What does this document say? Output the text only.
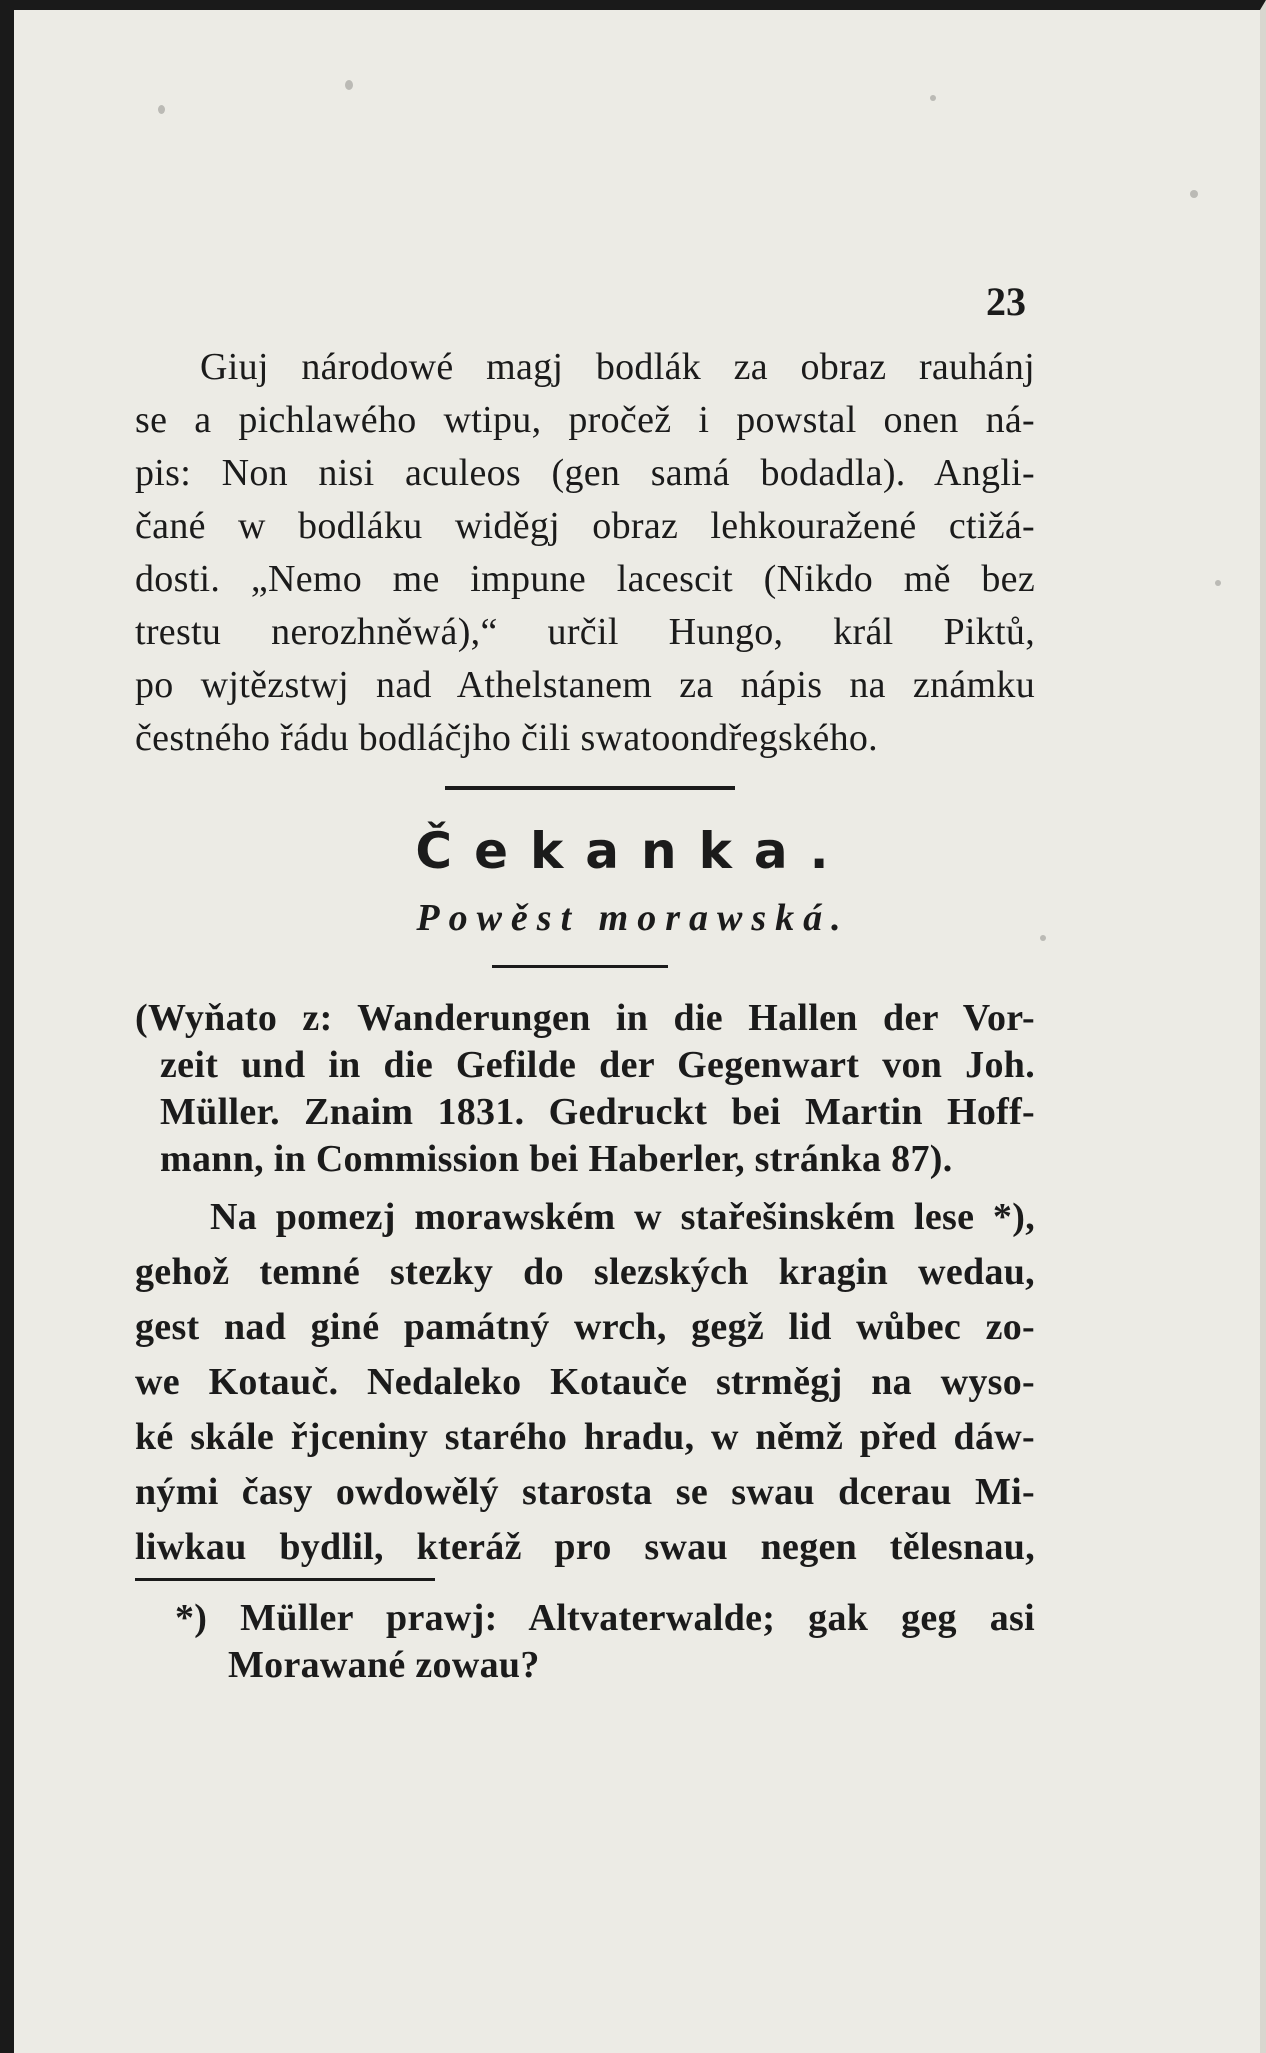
23
Giuj národowé magj bodlák za obraz rauhánj
se a pichlawého wtipu, pročež i powstal onen ná-
pis: Non nisi aculeos (gen samá bodadla). Angli-
čané w bodláku widěgj obraz lehkouražené ctižá-
dosti. „Nemo me impune lacescit (Nikdo mě bez
trestu nerozhněwá),“ určil Hungo, král Piktů,
po wjtězstwj nad Athelstanem za nápis na známku
čestného řádu bodláčjho čili swatoondřegského.
Čekanka.
Powěst morawská.
(Wyňato z: Wanderungen in die Hallen der Vor-
zeit und in die Gefilde der Gegenwart von Joh.
Müller. Znaim 1831. Gedruckt bei Martin Hoff-
mann, in Commission bei Haberler, stránka 87).
Na pomezj morawském w stařešinském lese *),
gehož temné stezky do slezských kragin wedau,
gest nad giné památný wrch, gegž lid wůbec zo-
we Kotauč. Nedaleko Kotauče strměgj na wyso-
ké skále řjceniny starého hradu, w němž před dáw-
nými časy owdowělý starosta se swau dcerau Mi-
liwkau bydlil, kteráž pro swau negen tělesnau,
*) Müller prawj: Altvaterwalde; gak geg asi
Morawané zowau?
